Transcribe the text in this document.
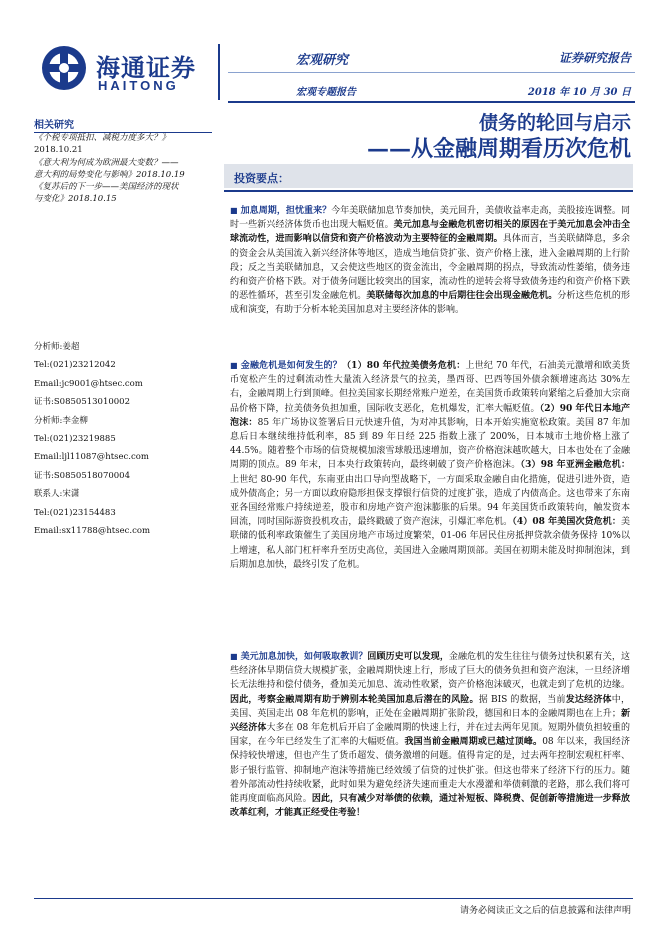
海通证券
HAITONG
宏观研究	证券研究报告
宏观专题报告	2018 年 10 月 30 日
债务的轮回与启示
——从金融周期看历次危机
相关研究
《个税专项抵扣、减税力度多大？》
2018.10.21
《意大利为何成为欧洲最大变数？——
意大利的局势变化与影响》2018.10.19
《复苏后的下一步——美国经济的现状
与变化》2018.10.15
分析师:姜超
Tel:(021)23212042
Email:jc9001@htsec.com
证书:S0850513010002
分析师:李金柳
Tel:(021)23219885
Email:ljl11087@htsec.com
证书:S0850518070004
联系人:宋潇
Tel:(021)23154483
Email:sx11788@htsec.com
投资要点：

■ 加息周期，担忧重来？今年美联储加息节奏加快，美元回升，美债收益率走高，美股接连调整。同时一些新兴经济体货币也出现大幅贬值。美元加息与金融危机密切相关的原因在于美元加息会冲击全球流动性，进而影响以信贷和资产价格波动为主要特征的金融周期。具体而言，当美联储降息，多余的资金会从美国流入新兴经济体等地区，造成当地信贷扩张、资产价格上涨，进入金融周期的上行阶段；反之当美联储加息，又会使这些地区的资金流出，令金融周期的拐点，导致流动性萎缩，债务违约和资产价格下跌。对于债务问题比较突出的国家，流动性的逆转会将导致债务违约和资产价格下跌的恶性循环，甚至引发金融危机。美联储每次加息的中后期往往会出现金融危机。分析这些危机的形成和演变，有助于分析本轮美国加息对主要经济体的影响。

■ 金融危机是如何发生的？（1）80 年代拉美债务危机：上世纪 70 年代，石油美元激增和欧美货币宽松产生的过剩流动性大量流入经济景气的拉美，墨西哥、巴西等国外债余额增速高达 30%左右，金融周期上行到顶峰。但拉美国家长期经常账户逆差，在美国货币政策转向紧缩之后叠加大宗商品价格下降，拉美债务负担加重，国际收支恶化，危机爆发，汇率大幅贬值。（2）90 年代日本地产泡沫：85 年广场协议签署后日元快速升值，为对冲其影响，日本开始实施宽松政策。美国 87 年加息后日本继续维持低利率，85 到 89 年日经 225 指数上涨了 200%，日本城市土地价格上涨了 44.5%。随着整个市场的信贷规模加滚雪球般迅速增加，资产价格泡沫越吹越大，日本也处在了金融周期的顶点。89 年末，日本央行政策转向，最终刺破了资产价格泡沫。（3）98 年亚洲金融危机：上世纪 80-90 年代，东南亚由出口导向型战略下，一方面采取金融自由化措施，促进引进外资，造成外债高企；另一方面以政府隐形担保支撑银行信贷的过度扩张，造成了内债高企。这也带来了东南亚各国经常账户持续逆差，股市和房地产资产泡沫膨胀的后果。94 年美国货币政策转向，触发资本回流，同时国际游资投机攻击，最终戳破了资产泡沫，引爆汇率危机。（4）08 年美国次贷危机：美联储的低利率政策催生了美国房地产市场过度繁荣，01-06 年居民住房抵押贷款余债务保持 10%以上增速，私人部门杠杆率升至历史高位，美国进入金融周期顶部。美国在初期未能及时抑制泡沫，到后期加息加快，最终引发了危机。

■ 美元加息加快，如何吸取教训？回顾历史可以发现，金融危机的发生往往与债务过快积累有关，这些经济体早期信贷大规模扩张，金融周期快速上行，形成了巨大的债务负担和资产泡沫，一旦经济增长无法维持和偿付债务，叠加美元加息、流动性收紧，资产价格泡沫破灭，也就走到了危机的边缘。因此，考察金融周期有助于辨别本轮美国加息后潜在的风险。据 BIS 的数据，当前发达经济体中，美国、英国走出 08 年危机的影响，正处在金融周期扩张阶段，德国和日本的金融周期也在上升；新兴经济体大多在 08 年危机后开启了金融周期的快速上行，并在过去两年见顶。短期外债负担较重的国家，在今年已经发生了汇率的大幅贬值。我国当前金融周期或已越过顶峰。08 年以来，我国经济保持较快增速，但也产生了货币超发、债务激增的问题。值得肯定的是，过去两年控制宏观杠杆率、影子银行监管、抑制地产泡沫等措施已经效缓了信贷的过快扩张。但这也带来了经济下行的压力。随着外部流动性持续收紧，此时如果为避免经济失速而重走大水漫灌和举债刺激的老路，那么我们将可能再度面临高风险。因此，只有减少对举债的依赖，通过补短板、降税费、促创新等措施进一步释放改革红利，才能真正经受住考验！

请务必阅读正文之后的信息披露和法律声明
